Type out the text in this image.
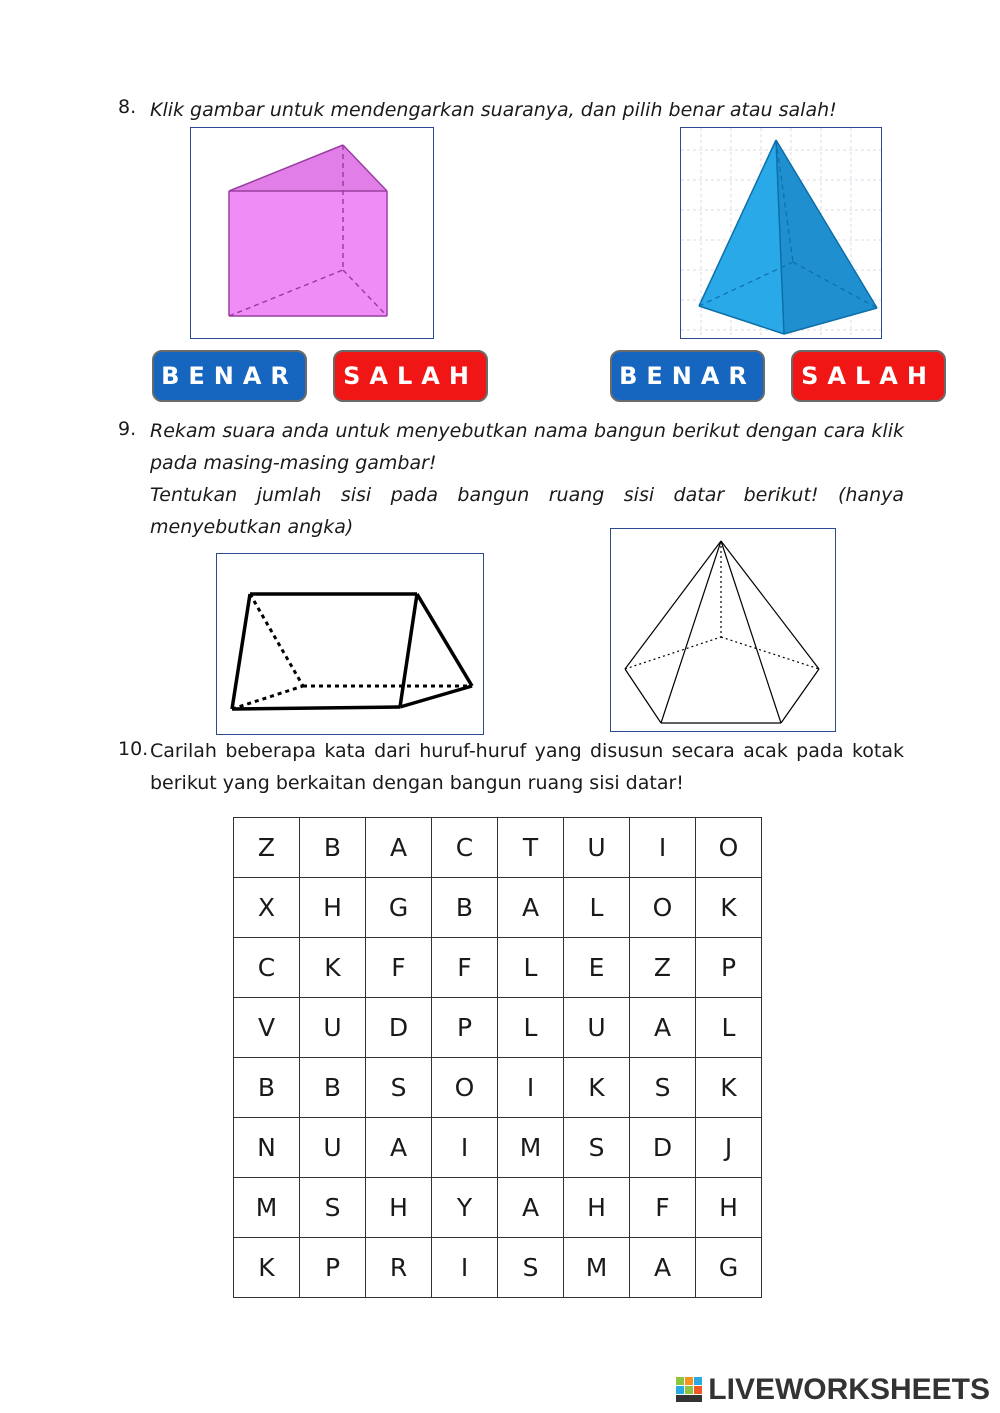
8. Klik gambar untuk mendengarkan suaranya, dan pilih benar atau salah!
BENAR	SALAH	BENAR	SALAH
9. Rekam suara anda untuk menyebutkan nama bangun berikut dengan cara klik pada masing-masing gambar!
Tentukan jumlah sisi pada bangun ruang sisi datar berikut! (hanya menyebutkan angka)
10. Carilah beberapa kata dari huruf-huruf yang disusun secara acak pada kotak berikut yang berkaitan dengan bangun ruang sisi datar!
Z	B	A	C	T	U	I	O
X	H	G	B	A	L	O	K
C	K	F	F	L	E	Z	P
V	U	D	P	L	U	A	L
B	B	S	O	I	K	S	K
N	U	A	I	M	S	D	J
M	S	H	Y	A	H	F	H
K	P	R	I	S	M	A	G
LIVEWORKSHEETS
